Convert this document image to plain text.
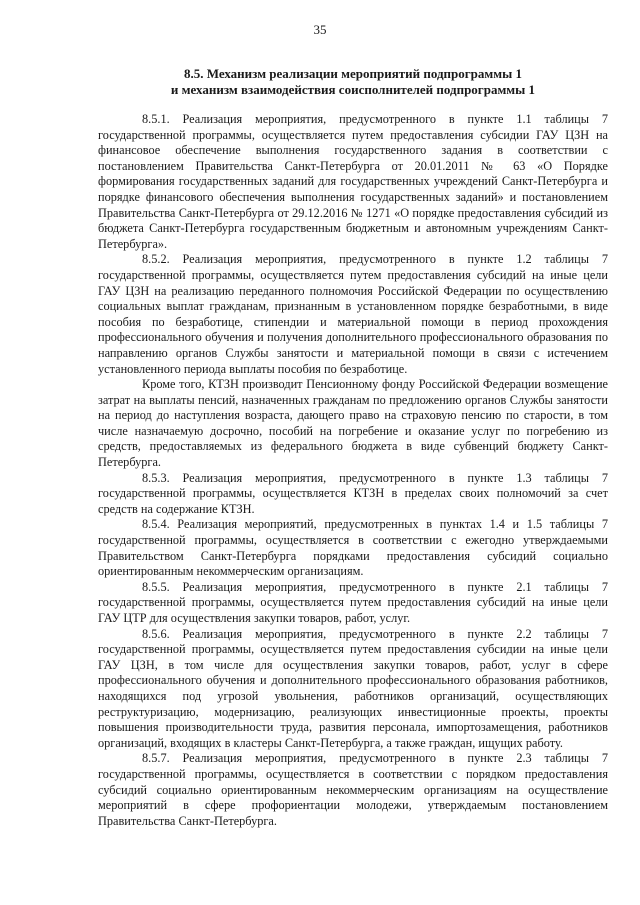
35
8.5. Механизм реализации мероприятий подпрограммы 1
и механизм взаимодействия соисполнителей подпрограммы 1

8.5.1. Реализация мероприятия, предусмотренного в пункте 1.1 таблицы 7 государственной программы, осуществляется путем предоставления субсидии ГАУ ЦЗН на финансовое обеспечение выполнения государственного задания в соответствии с постановлением Правительства Санкт-Петербурга от 20.01.2011 № 63 «О Порядке формирования государственных заданий для государственных учреждений Санкт-Петербурга и порядке финансового обеспечения выполнения государственных заданий» и постановлением Правительства Санкт-Петербурга от 29.12.2016 № 1271 «О порядке предоставления субсидий из бюджета Санкт-Петербурга государственным бюджетным и автономным учреждениям Санкт-Петербурга».

8.5.2. Реализация мероприятия, предусмотренного в пункте 1.2 таблицы 7 государственной программы, осуществляется путем предоставления субсидий на иные цели ГАУ ЦЗН на реализацию переданного полномочия Российской Федерации по осуществлению социальных выплат гражданам, признанным в установленном порядке безработными, в виде пособия по безработице, стипендии и материальной помощи в период прохождения профессионального обучения и получения дополнительного профессионального образования по направлению органов Службы занятости и материальной помощи в связи с истечением установленного периода выплаты пособия по безработице.

Кроме того, КТЗН производит Пенсионному фонду Российской Федерации возмещение затрат на выплаты пенсий, назначенных гражданам по предложению органов Службы занятости на период до наступления возраста, дающего право на страховую пенсию по старости, в том числе назначаемую досрочно, пособий на погребение и оказание услуг по погребению из средств, предоставляемых из федерального бюджета в виде субвенций бюджету Санкт-Петербурга.

8.5.3. Реализация мероприятия, предусмотренного в пункте 1.3 таблицы 7 государственной программы, осуществляется КТЗН в пределах своих полномочий за счет средств на содержание КТЗН.

8.5.4. Реализация мероприятий, предусмотренных в пунктах 1.4 и 1.5 таблицы 7 государственной программы, осуществляется в соответствии с ежегодно утверждаемыми Правительством Санкт-Петербурга порядками предоставления субсидий социально ориентированным некоммерческим организациям.

8.5.5. Реализация мероприятия, предусмотренного в пункте 2.1 таблицы 7 государственной программы, осуществляется путем предоставления субсидий на иные цели ГАУ ЦТР для осуществления закупки товаров, работ, услуг.

8.5.6. Реализация мероприятия, предусмотренного в пункте 2.2 таблицы 7 государственной программы, осуществляется путем предоставления субсидии на иные цели ГАУ ЦЗН, в том числе для осуществления закупки товаров, работ, услуг в сфере профессионального обучения и дополнительного профессионального образования работников, находящихся под угрозой увольнения, работников организаций, осуществляющих реструктуризацию, модернизацию, реализующих инвестиционные проекты, проекты повышения производительности труда, развития персонала, импортозамещения, работников организаций, входящих в кластеры Санкт-Петербурга, а также граждан, ищущих работу.

8.5.7. Реализация мероприятия, предусмотренного в пункте 2.3 таблицы 7 государственной программы, осуществляется в соответствии с порядком предоставления субсидий социально ориентированным некоммерческим организациям на осуществление мероприятий в сфере профориентации молодежи, утверждаемым постановлением Правительства Санкт-Петербурга.
